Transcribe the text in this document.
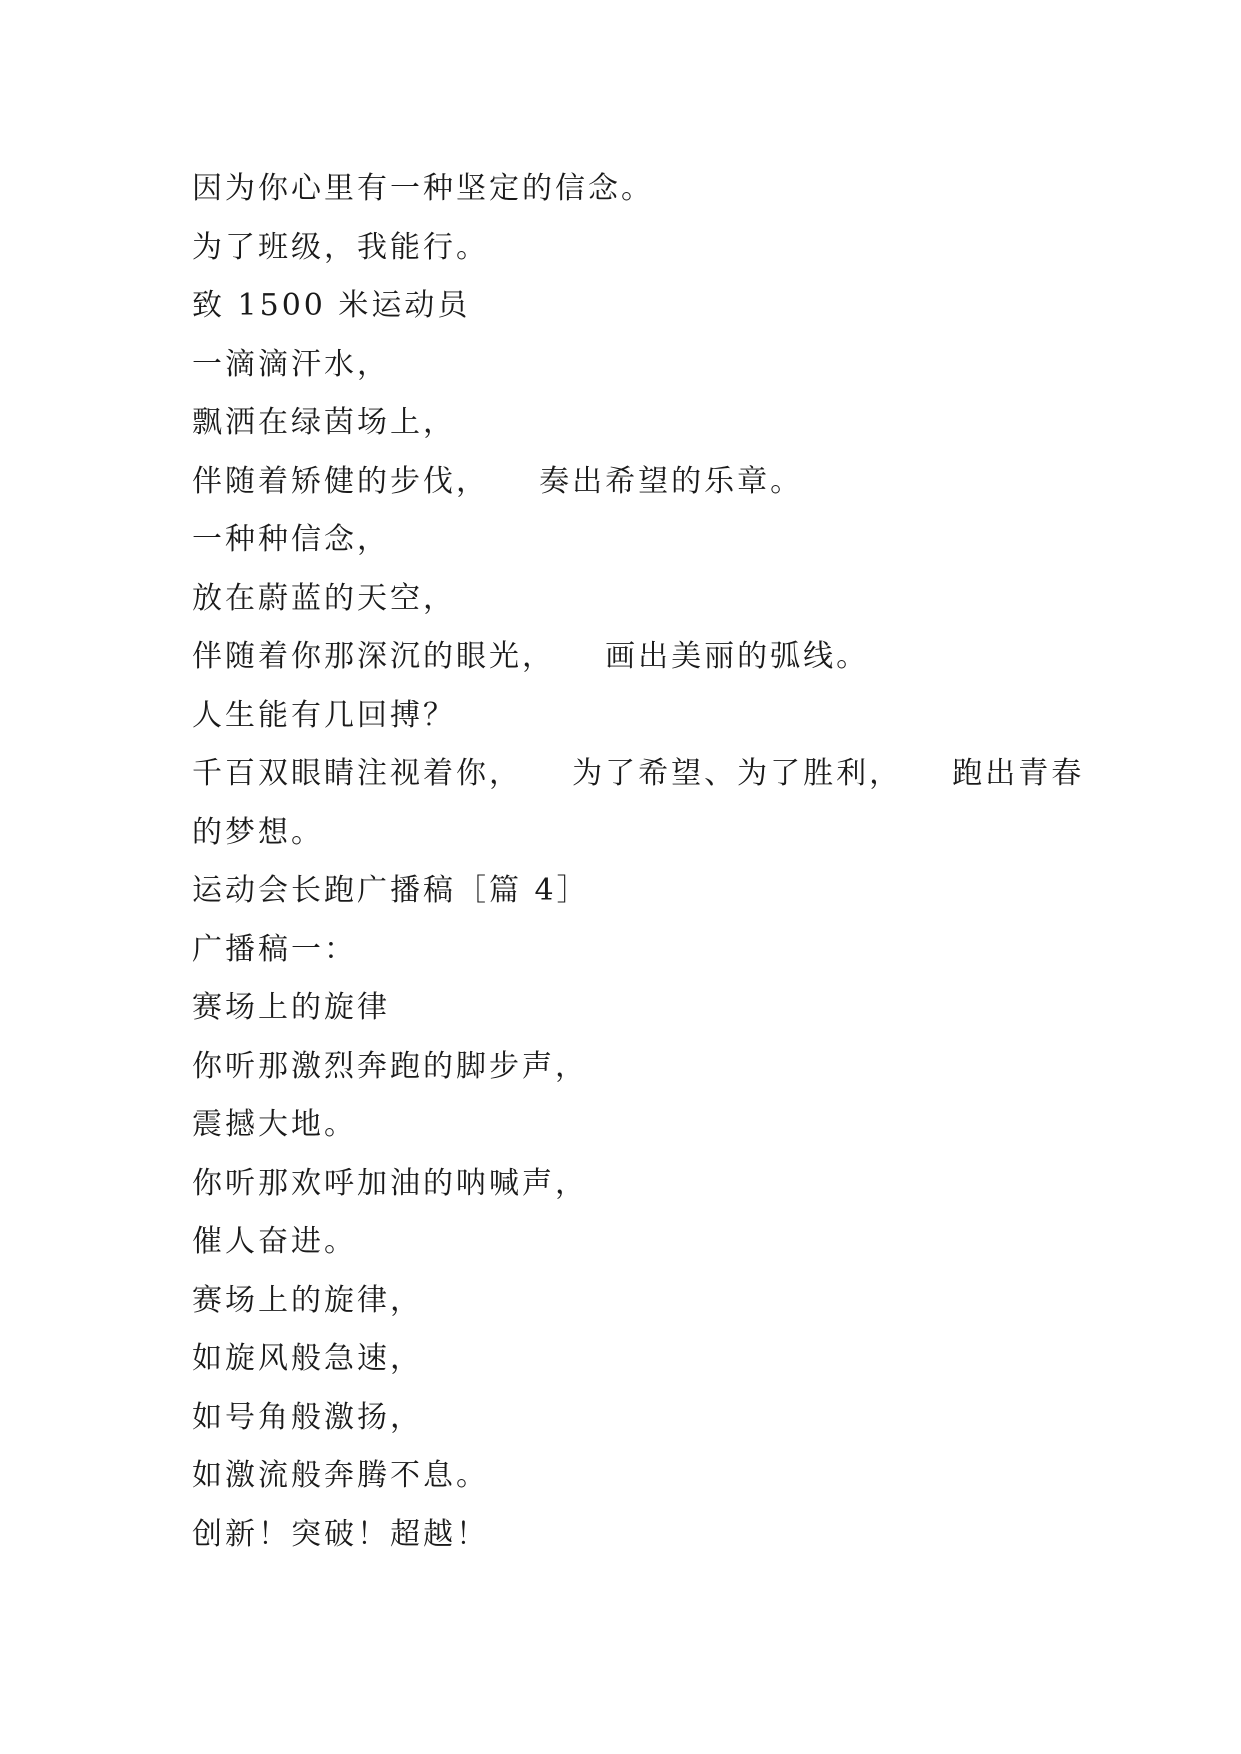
因为你心里有一种坚定的信念。
为了班级，我能行。
致 1500 米运动员
一滴滴汗水，
飘洒在绿茵场上，
伴随着矫健的步伐，    奏出希望的乐章。
一种种信念，
放在蔚蓝的天空，
伴随着你那深沉的眼光，    画出美丽的弧线。
人生能有几回搏？
千百双眼睛注视着你，    为了希望、为了胜利，    跑出青春
的梦想。
运动会长跑广播稿［篇 4］
广播稿一：
赛场上的旋律
你听那激烈奔跑的脚步声，
震撼大地。
你听那欢呼加油的呐喊声，
催人奋进。
赛场上的旋律，
如旋风般急速，
如号角般激扬，
如激流般奔腾不息。
创新！突破！超越！
